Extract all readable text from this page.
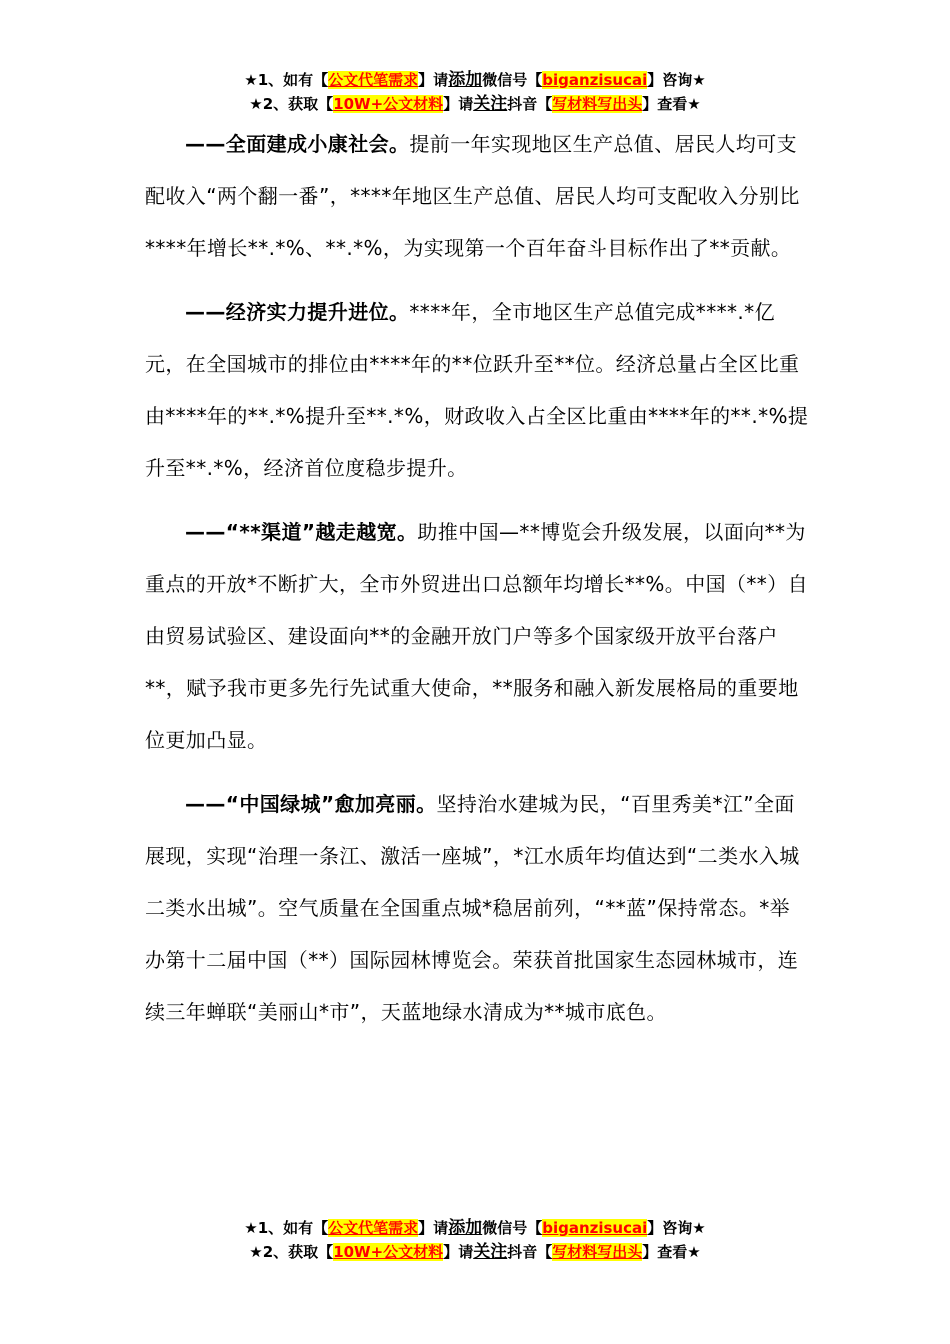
★1、如有【公文代笔需求】请添加微信号【biganzisucai】咨询★
★2、获取【10W+公文材料】请关注抖音【写材料写出头】查看★

——全面建成小康社会。提前一年实现地区生产总值、居民人均可支配收入“两个翻一番”，****年地区生产总值、居民人均可支配收入分别比****年增长**.*%、**.*%，为实现第一个百年奋斗目标作出了**贡献。

——经济实力提升进位。****年，全市地区生产总值完成****.*亿元，在全国城市的排位由****年的**位跃升至**位。经济总量占全区比重由****年的**.*%提升至**.*%，财政收入占全区比重由****年的**.*%提升至**.*%，经济首位度稳步提升。

——“**渠道”越走越宽。助推中国—**博览会升级发展，以面向**为重点的开放*不断扩大，全市外贸进出口总额年均增长**%。中国（**）自由贸易试验区、建设面向**的金融开放门户等多个国家级开放平台落户**，赋予我市更多先行先试重大使命，**服务和融入新发展格局的重要地位更加凸显。

——“中国绿城”愈加亮丽。坚持治水建城为民，“百里秀美*江”全面展现，实现“治理一条江、激活一座城”，*江水质年均值达到“二类水入城二类水出城”。空气质量在全国重点城*稳居前列，“**蓝”保持常态。*举办第十二届中国（**）国际园林博览会。荣获首批国家生态园林城市，连续三年蝉联“美丽山*市”，天蓝地绿水清成为**城市底色。

★1、如有【公文代笔需求】请添加微信号【biganzisucai】咨询★
★2、获取【10W+公文材料】请关注抖音【写材料写出头】查看★
